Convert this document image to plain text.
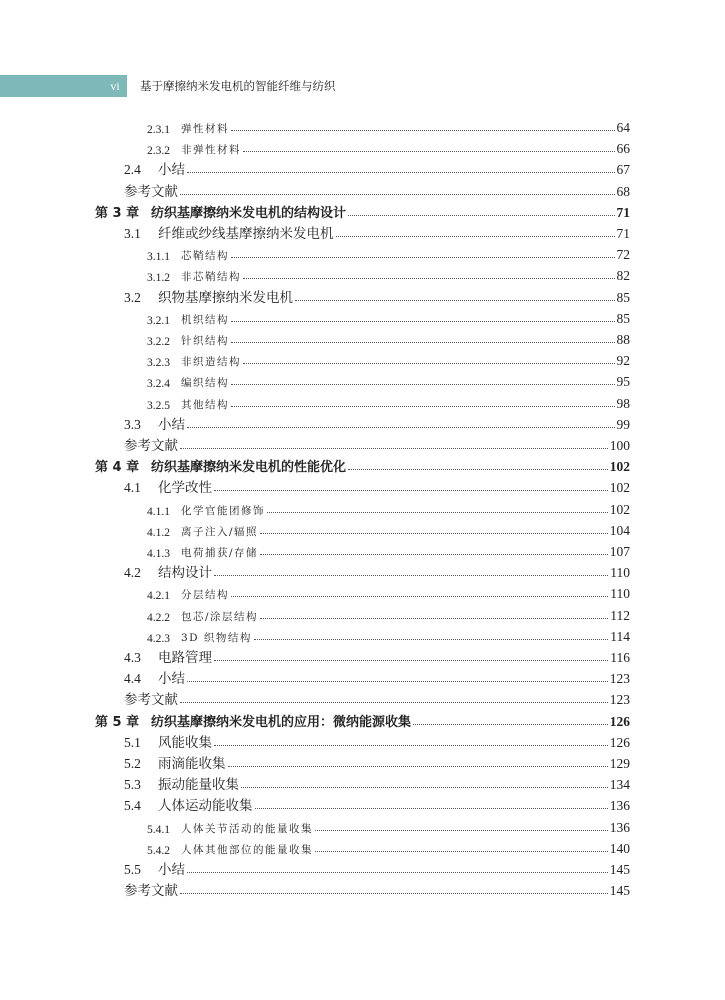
vi	基于摩擦纳米发电机的智能纤维与纺织
2.3.1	弹性材料	64
2.3.2	非弹性材料	66
2.4	小结	67
参考文献	68
第 3 章 纺织基摩擦纳米发电机的结构设计	71
3.1	纤维或纱线基摩擦纳米发电机	71
3.1.1	芯鞘结构	72
3.1.2	非芯鞘结构	82
3.2	织物基摩擦纳米发电机	85
3.2.1	机织结构	85
3.2.2	针织结构	88
3.2.3	非织造结构	92
3.2.4	编织结构	95
3.2.5	其他结构	98
3.3	小结	99
参考文献	100
第 4 章 纺织基摩擦纳米发电机的性能优化	102
4.1	化学改性	102
4.1.1	化学官能团修饰	102
4.1.2	离子注入/辐照	104
4.1.3	电荷捕获/存储	107
4.2	结构设计	110
4.2.1	分层结构	110
4.2.2	包芯/涂层结构	112
4.2.3	3D 织物结构	114
4.3	电路管理	116
4.4	小结	123
参考文献	123
第 5 章 纺织基摩擦纳米发电机的应用：微纳能源收集	126
5.1	风能收集	126
5.2	雨滴能收集	129
5.3	振动能量收集	134
5.4	人体运动能收集	136
5.4.1	人体关节活动的能量收集	136
5.4.2	人体其他部位的能量收集	140
5.5	小结	145
参考文献	145
